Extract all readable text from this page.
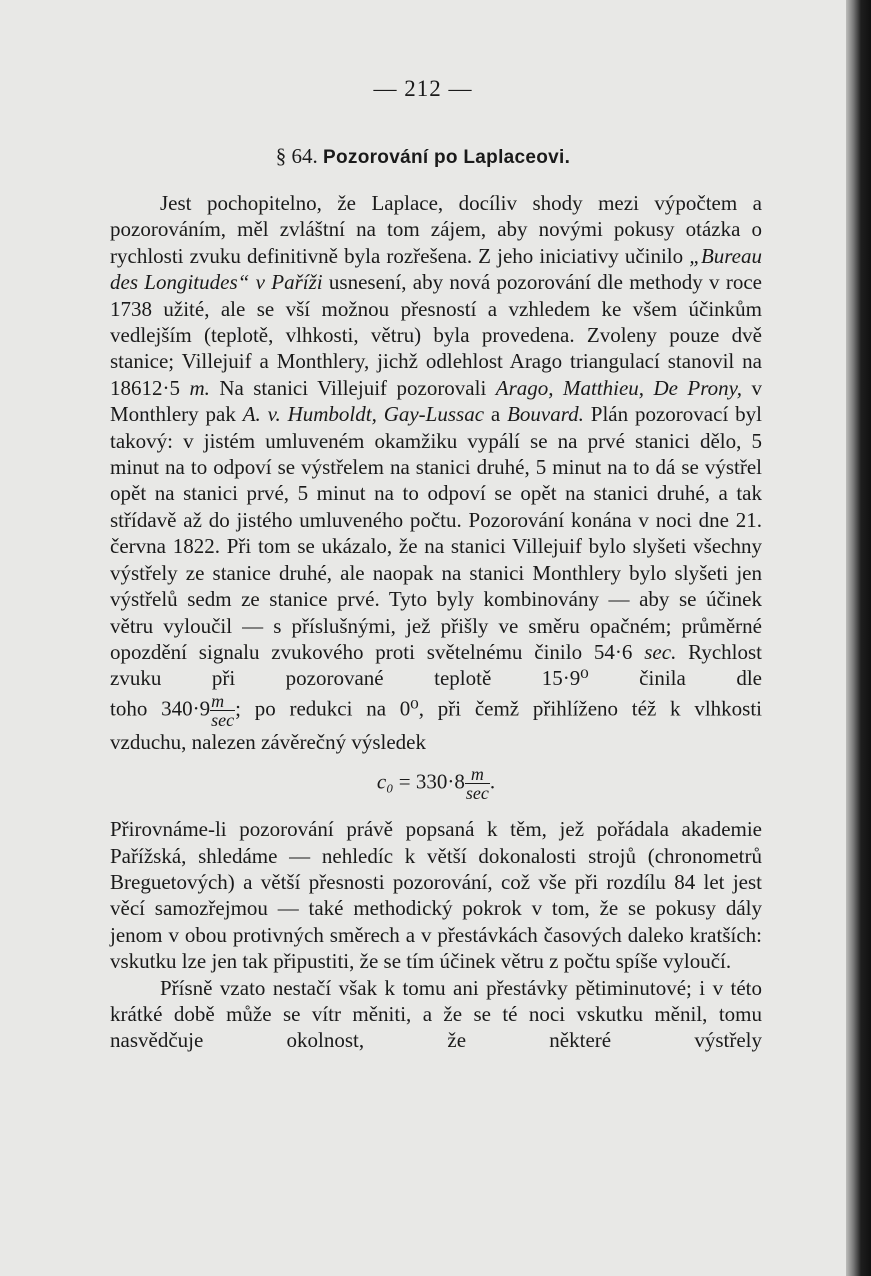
— 212 —
§ 64. Pozorování po Laplaceovi.

Jest pochopitelno, že Laplace, docíliv shody mezi výpočtem a pozorováním, měl zvláštní na tom zájem, aby novými pokusy otázka o rychlosti zvuku definitivně byla rozřešena. Z jeho iniciativy učinilo „Bureau des Longitudes“ v Paříži usnesení, aby nová pozorování dle methody v roce 1738 užité, ale se vší možnou přesností a vzhledem ke všem účinkům vedlejším (teplotě, vlhkosti, větru) byla provedena. Zvoleny pouze dvě stanice; Villejuif a Monthlery, jichž odlehlost Arago triangulací stanovil na 18612·5 m. Na stanici Villejuif pozorovali Arago, Matthieu, De Prony, v Monthlery pak A. v. Humboldt, Gay-Lussac a Bouvard. Plán pozorovací byl takový: v jistém umluveném okamžiku vypálí se na prvé stanici dělo, 5 minut na to odpoví se výstřelem na stanici druhé, 5 minut na to dá se výstřel opět na stanici prvé, 5 minut na to odpoví se opět na stanici druhé, a tak střídavě až do jistého umluveného počtu. Pozorování konána v noci dne 21. června 1822. Při tom se ukázalo, že na stanici Villejuif bylo slyšeti všechny výstřely ze stanice druhé, ale naopak na stanici Monthlery bylo slyšeti jen výstřelů sedm ze stanice prvé. Tyto byly kombinovány — aby se účinek větru vyloučil — s příslušnými, jež přišly ve směru opačném; průměrné opozdění signalu zvukového proti světelnému činilo 54·6 sec. Rychlost zvuku při pozorované teplotě 15·9⁰ činila dle

toho $340\cdot 9 \frac{m}{\sec}$ ; po redukci na 0⁰, při čemž přihlíženo též k vlhkosti

vzduchu, nalezen závěrečný výsledek

$c_0 = 330\cdot 8 \frac{m}{\sec}$ .

Přirovnáme-li pozorování právě popsaná k těm, jež pořádala akademie Pařížská, shledáme — nehledíc k větší dokonalosti strojů (chronometrů Breguetových) a větší přesnosti pozorování, což vše při rozdílu 84 let jest věcí samozřejmou — také methodický pokrok v tom, že se pokusy dály jenom v obou protivných směrech a v přestávkách časových daleko kratších: vskutku lze jen tak připustiti, že se tím účinek větru z počtu spíše vyloučí.

Přísně vzato nestačí však k tomu ani přestávky pětiminutové; i v této krátké době může se vítr měniti, a že se té noci vskutku měnil, tomu nasvědčuje okolnost, že některé výstřely
